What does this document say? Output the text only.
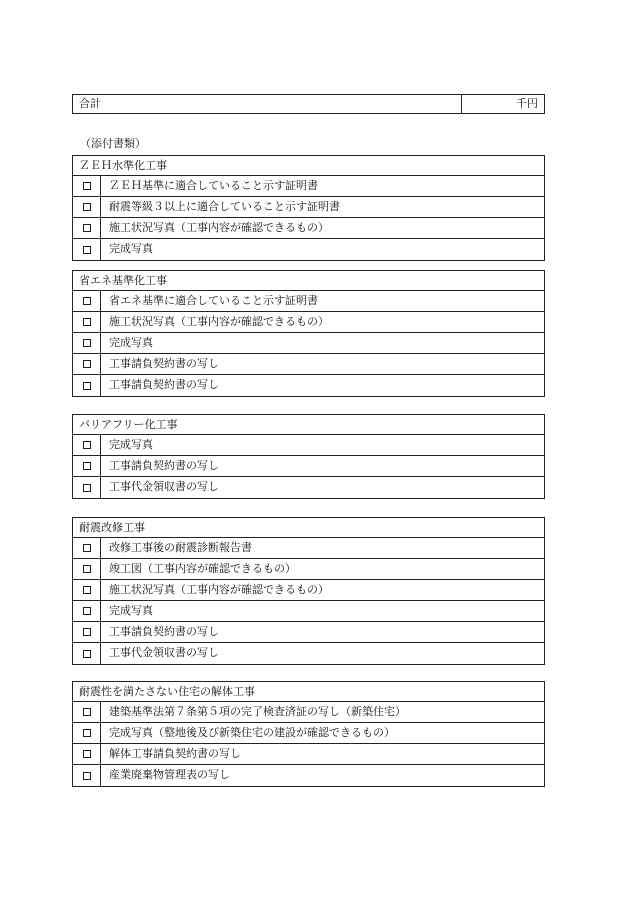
合計	千円
（添付書類）
ＺＥＨ水準化工事
ＺＥＨ基準に適合していること示す証明書
耐震等級３以上に適合していること示す証明書
施工状況写真（工事内容が確認できるもの）
完成写真
省エネ基準化工事
省エネ基準に適合していること示す証明書
施工状況写真（工事内容が確認できるもの）
完成写真
工事請負契約書の写し
工事請負契約書の写し
バリアフリー化工事
完成写真
工事請負契約書の写し
工事代金領収書の写し
耐震改修工事
改修工事後の耐震診断報告書
竣工図（工事内容が確認できるもの）
施工状況写真（工事内容が確認できるもの）
完成写真
工事請負契約書の写し
工事代金領収書の写し
耐震性を満たさない住宅の解体工事
建築基準法第７条第５項の完了検査済証の写し（新築住宅）
完成写真（整地後及び新築住宅の建設が確認できるもの）
解体工事請負契約書の写し
産業廃棄物管理表の写し
